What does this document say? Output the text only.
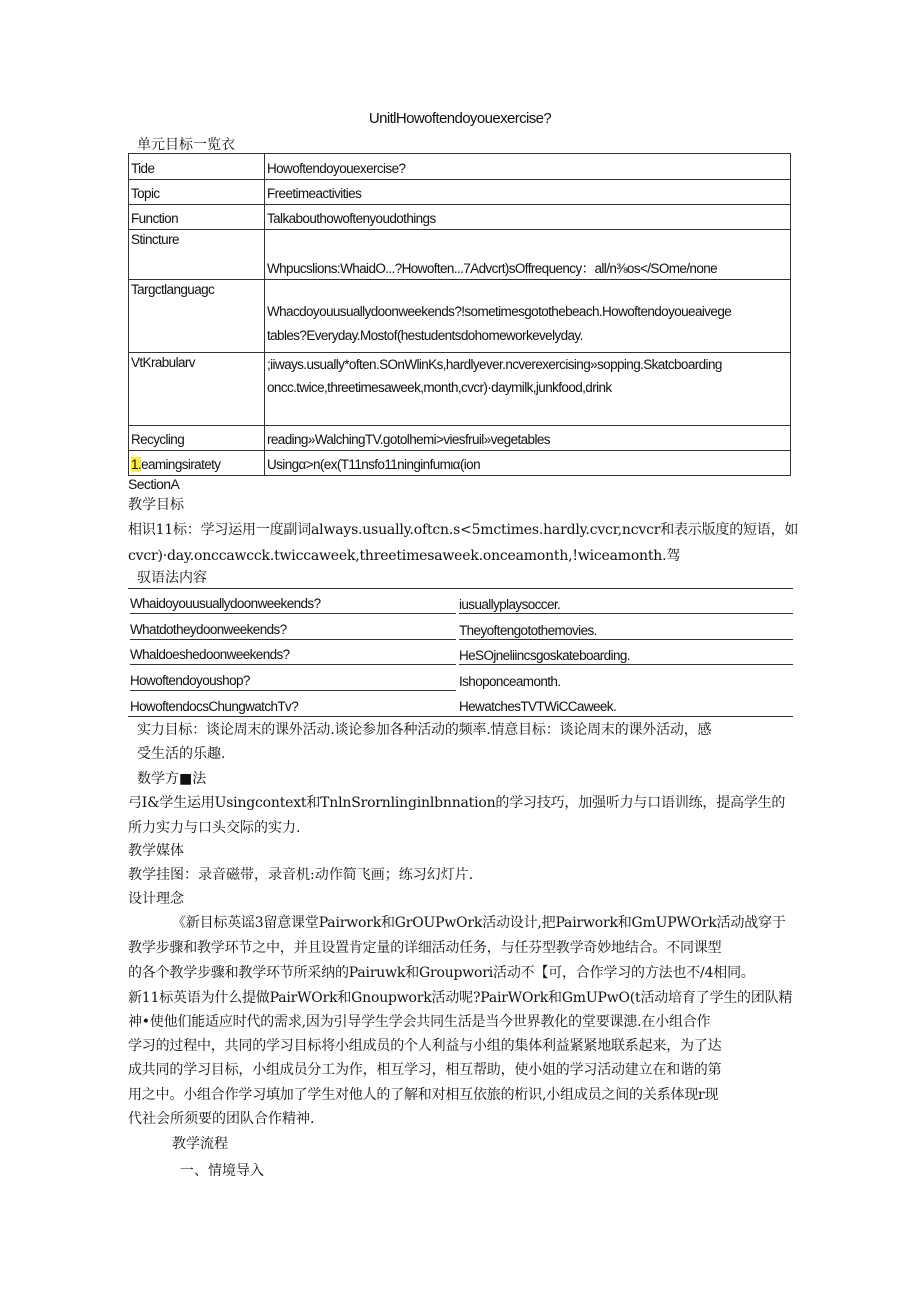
UnitlHowoftendoyouexercise?
单元目标一览衣
Tide	Howoftendoyouexercise?
Topic	Freetimeactivities
Function	Talkabouthowoftenyoudothings
Stincture	Whpucslions:WhaidO...?Howoften...7Advcrt)sOffrequency：all/n⅜os</SOme/none
Targctlanguagc	Whacdoyouusuallydoonweekends?!sometimesgotothebeach.Howoftendoyoueaivege
tables?Everyday.Mostof(hestudentsdohomeworkevelyday.

VtKrabularv	;iiways.usually*often.SOnWlinKs,hardlyever.ncverexercising»sopping.Skatcboarding
oncc.twice,threetimesaweek,month,cvcr)·daymilk,junkfood,drink

Recycling	reading»WalchingTV.gotolhemi>viesfruil»vegetables
1.eamingsiratety	Usingα>n(ex(T11nsfo11ninginfumια(ion
SectionA
教学目标
相识11标：学习运用一度副词always.usually.oftcn.s<5mctimes.hardly.cvcr,ncvcr和表示版度的短语，如
cvcr)·day.onccawcck.twiccaweek,threetimesaweek.onceamonth,!wiceamonth.驾
驭语法内容
Whaidoyouusuallydoonweekends?	iusuallyplaysoccer.
Whatdotheydoonweekends?	Theyoftengotothemovies.
Whaldoeshedoonweekends?	HeSOjneliincsgoskateboarding.
Howoftendoyoushop?	Ishoponceamonth.
HowoftendocsChungwatchTv?	HewatchesTVTWiCCaweek.
实力目标：谈论周末的课外活动.谈论参加各种活动的频率.情意目标：谈论周末的课外活动，感
受生活的乐趣.
数学方■法
弓I&学生运用Usingcontext和TnlnSrornlinginlbnnation的学习技巧，加强听力与口语训练，提高学生的
所力实力与口头交际的实力.
教学媒体
教学挂图：录音磁带，录音机:动作简飞画；练习幻灯片.
设计理念
《新目标英谣3留意课堂Pairwork和GrOUPwOrk活动设计,把Pairwork和GmUPWOrk活动战穿于
教学步骤和教学环节之中，并且设置肯定量的详细活动任务，与任芬型教学奇妙地结合。不同课型
的各个教学步骤和教学环节所采纳的Pairuwk和Groupwori活动不【可，合作学习的方法也不/4相同。
新11标英语为什么提做PairWOrk和Gnoupwork活动呢?PairWOrk和GmUPwO(t活动培育了学生的团队精
神•使他们能适应时代的需求,因为引导学生学会共同生活是当今世界教化的堂要课漶.在小组合作
学习的过程中，共同的学习目标将小组成员的个人利益与小组的集体利益紧紧地联系起来，为了达
成共同的学习目标，小组成员分工为作，相互学习，相互帮助，使小姐的学习活动建立在和谐的第
用之中。小组合作学习填加了学生对他人的了解和对相互依旅的桁识,小组成员之间的关系体现r现
代社会所须要的团队合作精神.
教学流程
一、情境导入
